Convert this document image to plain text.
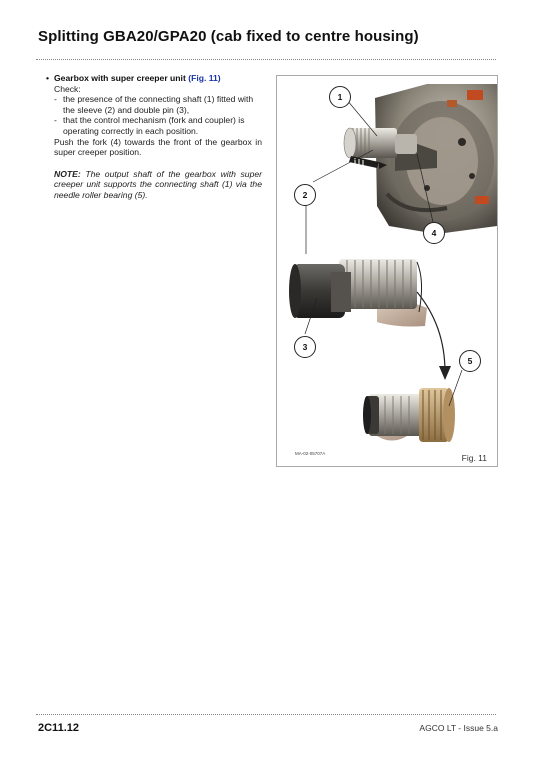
Splitting GBA20/GPA20 (cab fixed to centre housing)
• Gearbox with super creeper unit (Fig. 11)

Check:

- the presence of the connecting shaft (1) fitted with the sleeve (2) and double pin (3),
- that the control mechanism (fork and coupler) is operating correctly in each position.

Push the fork (4) towards the front of the gearbox in super creeper position.

NOTE: The output shaft of the gearbox with super creeper unit supports the connecting shaft (1) via the needle roller bearing (5).

1
2
4
3
5
MA-02-05707A	Fig. 11
2C11.12	AGCO LT - Issue 5.a
